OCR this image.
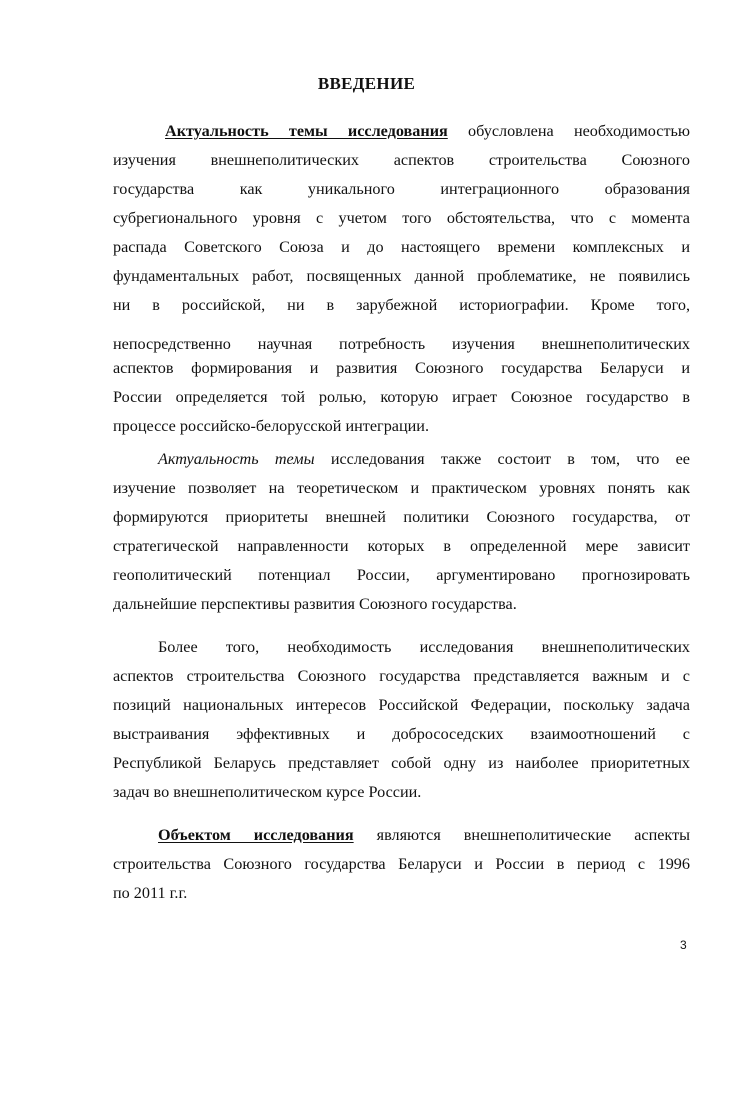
ВВЕДЕНИЕ
Актуальность темы исследования обусловлена необходимостью
изучения внешнеполитических аспектов строительства Союзного
государства как уникального интеграционного образования
субрегионального уровня с учетом того обстоятельства, что с момента
распада Советского Союза и до настоящего времени комплексных и
фундаментальных работ, посвященных данной проблематике, не появились
ни в российской, ни в зарубежной историографии. Кроме того,
непосредственно научная потребность изучения внешнеполитических
аспектов формирования и развития Союзного государства Беларуси и
России определяется той ролью, которую играет Союзное государство в
процессе российско-белорусской интеграции.
Актуальность темы исследования также состоит в том, что ее
изучение позволяет на теоретическом и практическом уровнях понять как
формируются приоритеты внешней политики Союзного государства, от
стратегической направленности которых в определенной мере зависит
геополитический потенциал России, аргументировано прогнозировать
дальнейшие перспективы развития Союзного государства.
Более того, необходимость исследования внешнеполитических
аспектов строительства Союзного государства представляется важным и с
позиций национальных интересов Российской Федерации, поскольку задача
выстраивания эффективных и добрососедских взаимоотношений с
Республикой Беларусь представляет собой одну из наиболее приоритетных
задач во внешнеполитическом курсе России.
Объектом исследования являются внешнеполитические аспекты
строительства Союзного государства Беларуси и России в период с 1996
по 2011 г.г.
3
